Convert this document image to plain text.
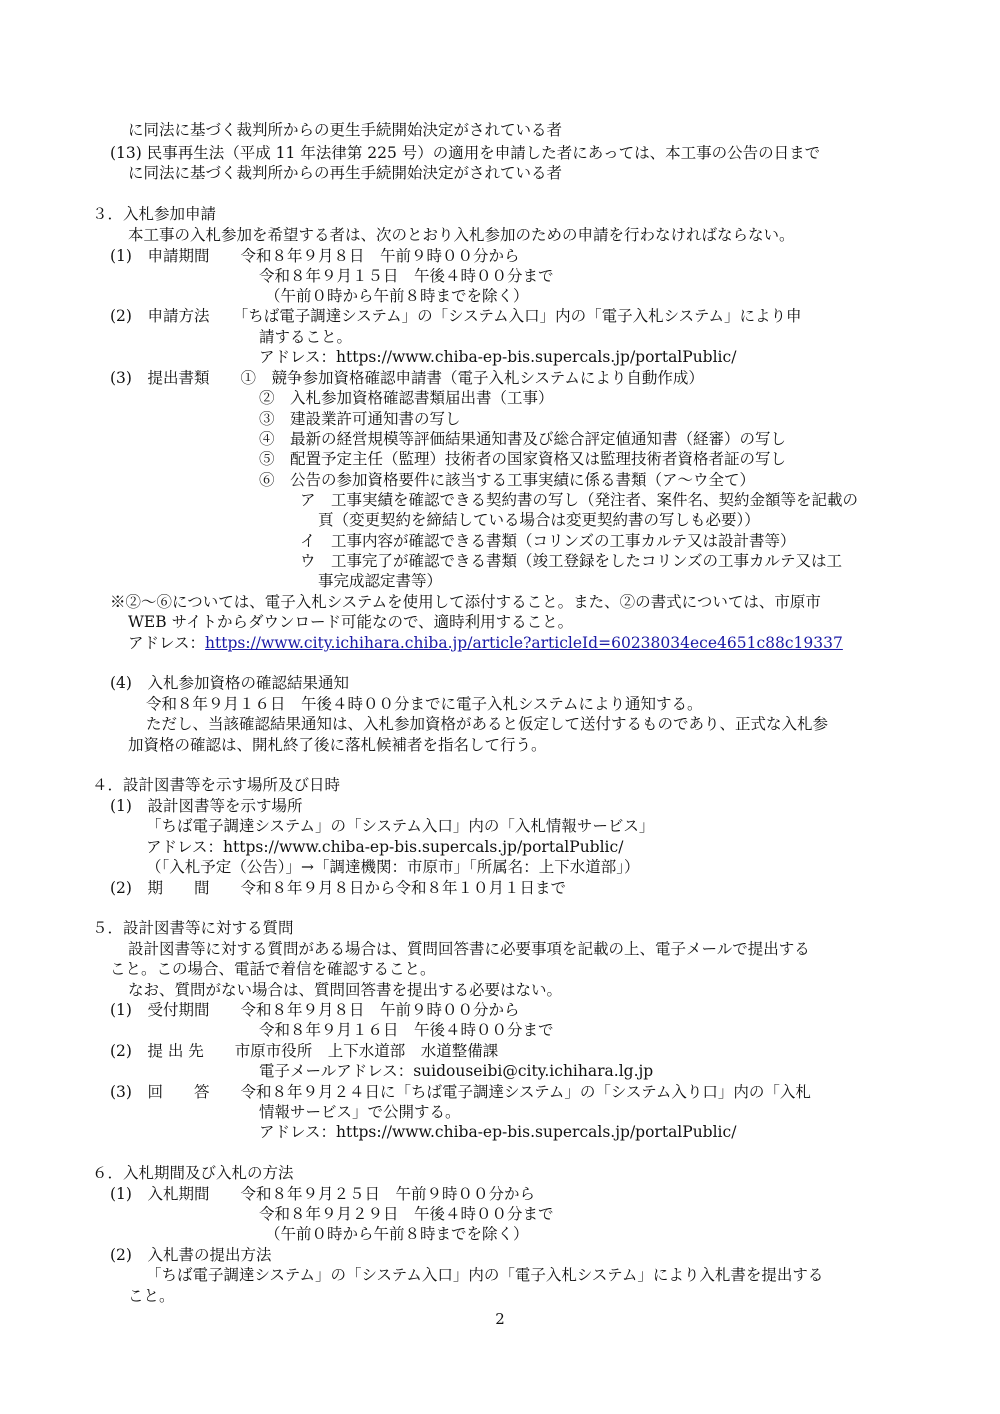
に同法に基づく裁判所からの更生手続開始決定がされている者
(13) 民事再生法（平成 11 年法律第 225 号）の適用を申請した者にあっては、本工事の公告の日まで
に同法に基づく裁判所からの再生手続開始決定がされている者
３．入札参加申請
本工事の入札参加を希望する者は、次のとおり入札参加のための申請を行わなければならない。
(1)　申請期間　　令和８年９月８日　午前９時００分から
令和８年９月１５日　午後４時００分まで
（午前０時から午前８時までを除く）
(2)　申請方法　　「ちば電子調達システム」の「システム入口」内の「電子入札システム」により申
請すること。
アドレス：https://www.chiba-ep-bis.supercals.jp/portalPublic/
(3)　提出書類　　①　競争参加資格確認申請書（電子入札システムにより自動作成）
②　入札参加資格確認書類届出書（工事）
③　建設業許可通知書の写し
④　最新の経営規模等評価結果通知書及び総合評定値通知書（経審）の写し
⑤　配置予定主任（監理）技術者の国家資格又は監理技術者資格者証の写し
⑥　公告の参加資格要件に該当する工事実績に係る書類（ア～ウ全て）
ア　工事実績を確認できる契約書の写し（発注者、案件名、契約金額等を記載の
頁（変更契約を締結している場合は変更契約書の写しも必要））
イ　工事内容が確認できる書類（コリンズの工事カルテ又は設計書等）
ウ　工事完了が確認できる書類（竣工登録をしたコリンズの工事カルテ又は工
事完成認定書等）
※②～⑥については、電子入札システムを使用して添付すること。また、②の書式については、市原市
WEB サイトからダウンロード可能なので、適時利用すること。
アドレス：https://www.city.ichihara.chiba.jp/article?articleId=60238034ece4651c88c19337
(4)　入札参加資格の確認結果通知
令和８年９月１６日　午後４時００分までに電子入札システムにより通知する。
ただし、当該確認結果通知は、入札参加資格があると仮定して送付するものであり、正式な入札参
加資格の確認は、開札終了後に落札候補者を指名して行う。
４．設計図書等を示す場所及び日時
(1)　設計図書等を示す場所
「ちば電子調達システム」の「システム入口」内の「入札情報サービス」
アドレス：https://www.chiba-ep-bis.supercals.jp/portalPublic/
（「入札予定（公告）」→「調達機関：市原市」「所属名：上下水道部」）
(2)　期　　間　　令和８年９月８日から令和８年１０月１日まで
５．設計図書等に対する質問
設計図書等に対する質問がある場合は、質問回答書に必要事項を記載の上、電子メールで提出する
こと。この場合、電話で着信を確認すること。
なお、質問がない場合は、質問回答書を提出する必要はない。
(1)　受付期間　　令和８年９月８日　午前９時００分から
令和８年９月１６日　午後４時００分まで
(2)　提 出 先　　市原市役所　上下水道部　水道整備課
電子メールアドレス：suidouseibi@city.ichihara.lg.jp
(3)　回　　答　　令和８年９月２４日に「ちば電子調達システム」の「システム入り口」内の「入札
情報サービス」で公開する。
アドレス：https://www.chiba-ep-bis.supercals.jp/portalPublic/
６．入札期間及び入札の方法
(1)　入札期間　　令和８年９月２５日　午前９時００分から
令和８年９月２９日　午後４時００分まで
（午前０時から午前８時までを除く）
(2)　入札書の提出方法
「ちば電子調達システム」の「システム入口」内の「電子入札システム」により入札書を提出する
こと。
2
